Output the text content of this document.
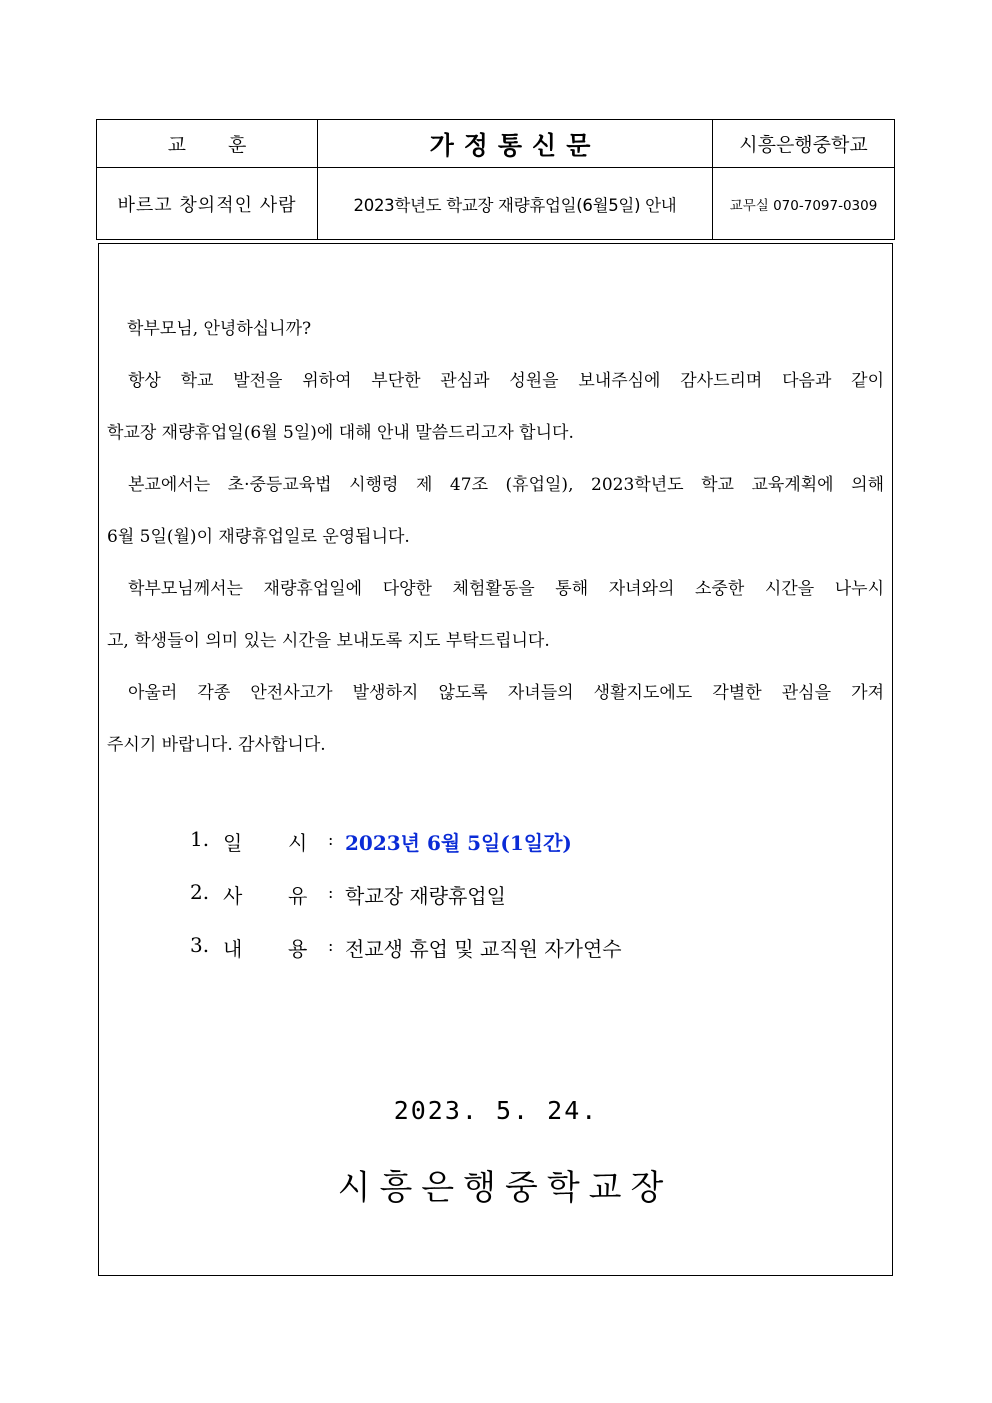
교 훈	가정통신문	시흥은행중학교
바르고 창의적인 사람	2023학년도 학교장 재량휴업일(6월5일) 안내	교무실 070-7097-0309
학부모님, 안녕하십니까?
항상 학교 발전을 위하여 부단한 관심과 성원을 보내주심에 감사드리며 다음과 같이
학교장 재량휴업일(6월 5일)에 대해 안내 말씀드리고자 합니다.
본교에서는 초·중등교육법 시행령 제 47조 (휴업일), 2023학년도 학교 교육계획에 의해
6월 5일(월)이 재량휴업일로 운영됩니다.
학부모님께서는 재량휴업일에 다양한 체험활동을 통해 자녀와의 소중한 시간을 나누시
고, 학생들이 의미 있는 시간을 보내도록 지도 부탁드립니다.
아울러 각종 안전사고가 발생하지 않도록 자녀들의 생활지도에도 각별한 관심을 가져
주시기 바랍니다. 감사합니다.
1. 일 시 : 2023년 6월 5일(1일간)
2. 사 유 : 학교장 재량휴업일
3. 내 용 : 전교생 휴업 및 교직원 자가연수
2023. 5. 24.
시흥은행중학교장
